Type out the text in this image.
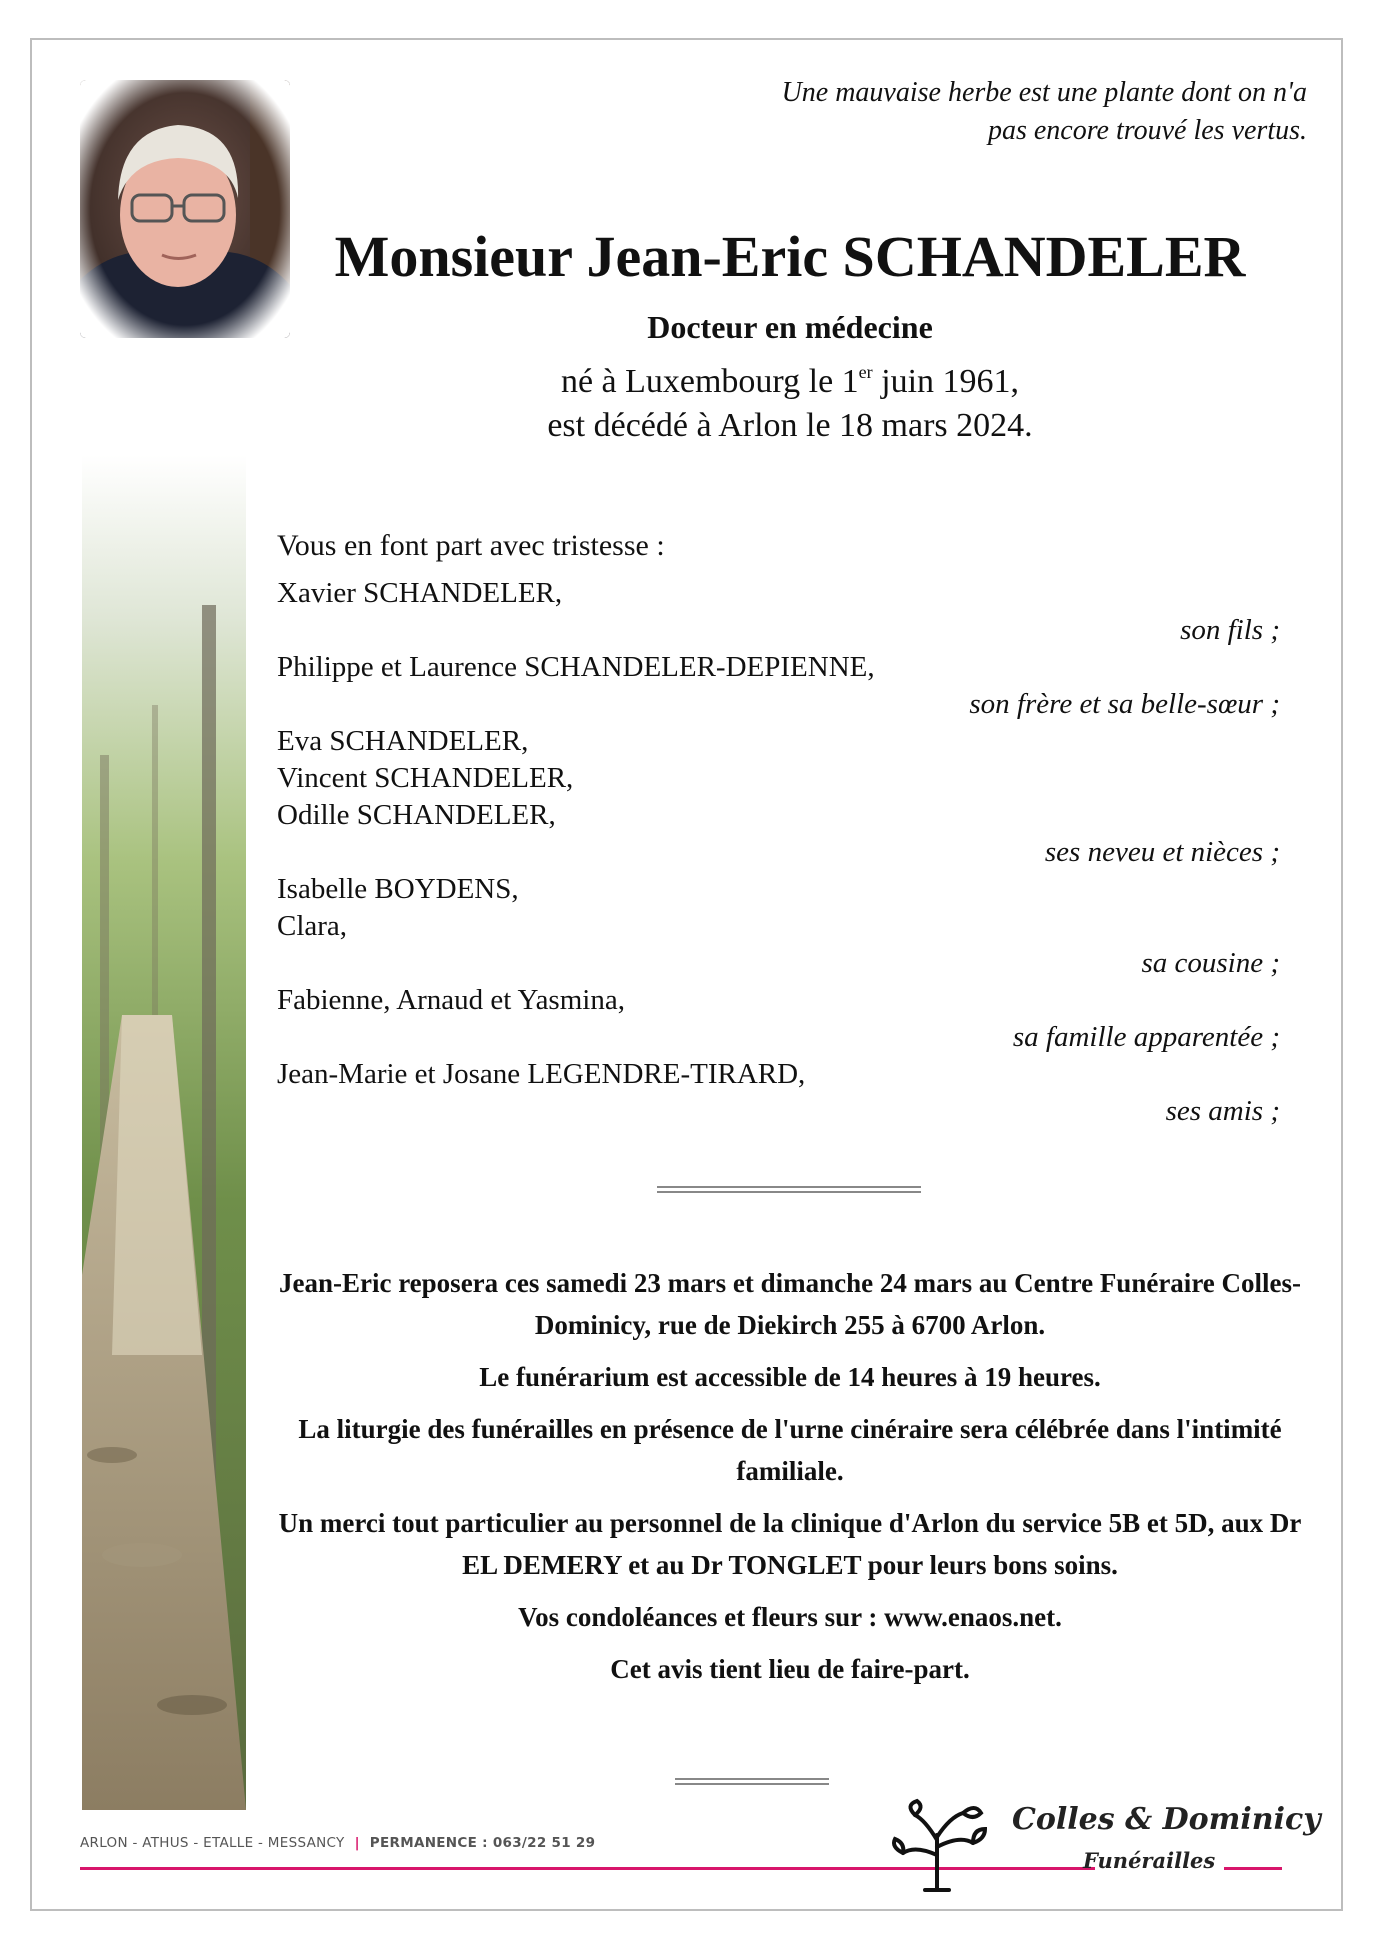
Une mauvaise herbe est une plante dont on n'a
pas encore trouvé les vertus.
Monsieur Jean-Eric SCHANDELER
Docteur en médecine
né à Luxembourg le 1er juin 1961,
est décédé à Arlon le 18 mars 2024.
Vous en font part avec tristesse :
Xavier SCHANDELER,
son fils ;
Philippe et Laurence SCHANDELER-DEPIENNE,
son frère et sa belle-sœur ;
Eva SCHANDELER,
Vincent SCHANDELER,
Odille SCHANDELER,
ses neveu et nièces ;
Isabelle BOYDENS,
Clara,
sa cousine ;
Fabienne, Arnaud et Yasmina,
sa famille apparentée ;
Jean-Marie et Josane LEGENDRE-TIRARD,
ses amis ;

Jean-Eric reposera ces samedi 23 mars et dimanche 24 mars au Centre Funéraire Colles-Dominicy, rue de Diekirch 255 à 6700 Arlon.

Le funérarium est accessible de 14 heures à 19 heures.

La liturgie des funérailles en présence de l'urne cinéraire sera célébrée dans l'intimité familiale.

Un merci tout particulier au personnel de la clinique d'Arlon du service 5B et 5D, aux Dr EL DEMERY et au Dr TONGLET pour leurs bons soins.

Vos condoléances et fleurs sur : www.enaos.net.

Cet avis tient lieu de faire-part.

ARLON - ATHUS - ETALLE - MESSANCY | PERMANENCE : 063/22 51 29
Colles & Dominicy
Funérailles
